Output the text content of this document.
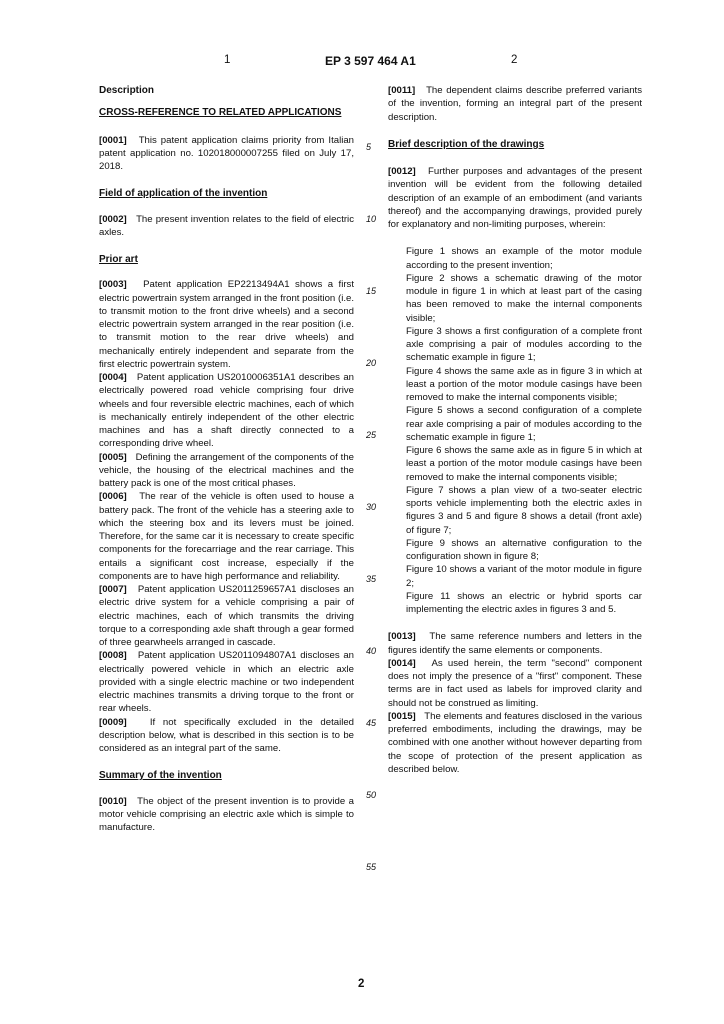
1	EP 3 597 464 A1	2
Description
CROSS-REFERENCE TO RELATED APPLICATIONS

[0001] This patent application claims priority from Italian patent application no. 102018000007255 filed on July 17, 2018.

Field of application of the invention

[0002] The present invention relates to the field of electric axles.

Prior art

[0003] Patent application EP2213494A1 shows a first electric powertrain system arranged in the front position (i.e. to transmit motion to the front drive wheels) and a second electric powertrain system arranged in the rear position (i.e. to transmit motion to the rear drive wheels) and mechanically entirely independent and separate from the first electric powertrain system.

[0004] Patent application US2010006351A1 describes an electrically powered road vehicle comprising four drive wheels and four reversible electric machines, each of which is mechanically entirely independent of the other electric machines and has a shaft directly connected to a corresponding drive wheel.

[0005] Defining the arrangement of the components of the vehicle, the housing of the electrical machines and the battery pack is one of the most critical phases.

[0006] The rear of the vehicle is often used to house a battery pack. The front of the vehicle has a steering axle to which the steering box and its levers must be joined. Therefore, for the same car it is necessary to create specific components for the forecarriage and the rear carriage. This entails a significant cost increase, especially if the components are to have high performance and reliability.

[0007] Patent application US2011259657A1 discloses an electric drive system for a vehicle comprising a pair of electric machines, each of which transmits the driving torque to a corresponding axle shaft through a gear formed of three gearwheels arranged in cascade.

[0008] Patent application US2011094807A1 discloses an electrically powered vehicle in which an electric axle provided with a single electric machine or two independent electric machines transmits a driving torque to the front or rear wheels.

[0009] If not specifically excluded in the detailed description below, what is described in this section is to be considered as an integral part of the same.

Summary of the invention

[0010] The object of the present invention is to provide a motor vehicle comprising an electric axle which is simple to manufacture.

[0011] The dependent claims describe preferred variants of the invention, forming an integral part of the present description.

Brief description of the drawings

[0012] Further purposes and advantages of the present invention will be evident from the following detailed description of an example of an embodiment (and variants thereof) and the accompanying drawings, provided purely for explanatory and non-limiting purposes, wherein:

Figure 1 shows an example of the motor module according to the present invention;

Figure 2 shows a schematic drawing of the motor module in figure 1 in which at least part of the casing has been removed to make the internal components visible;

Figure 3 shows a first configuration of a complete front axle comprising a pair of modules according to the schematic example in figure 1;

Figure 4 shows the same axle as in figure 3 in which at least a portion of the motor module casings have been removed to make the internal components visible;

Figure 5 shows a second configuration of a complete rear axle comprising a pair of modules according to the schematic example in figure 1;

Figure 6 shows the same axle as in figure 5 in which at least a portion of the motor module casings have been removed to make the internal components visible;

Figure 7 shows a plan view of a two-seater electric sports vehicle implementing both the electric axles in figures 3 and 5 and figure 8 shows a detail (front axle) of figure 7;

Figure 9 shows an alternative configuration to the configuration shown in figure 8;

Figure 10 shows a variant of the motor module in figure 2;

Figure 11 shows an electric or hybrid sports car implementing the electric axles in figures 3 and 5.

[0013] The same reference numbers and letters in the figures identify the same elements or components.

[0014] As used herein, the term "second" component does not imply the presence of a "first" component. These terms are in fact used as labels for improved clarity and should not be construed as limiting.

[0015] The elements and features disclosed in the various preferred embodiments, including the drawings, may be combined with one another without however departing from the scope of protection of the present application as described below.

5
10
15
20
25
30
35
40
45
50
55
2
